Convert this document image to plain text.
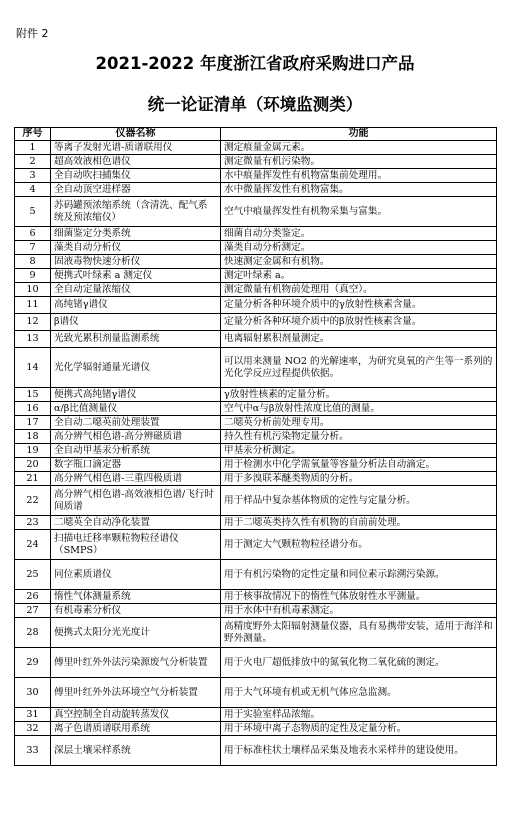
附件 2
2021-2022 年度浙江省政府采购进口产品
统一论证清单（环境监测类）
序号	仪器名称	功能
1	等离子发射光谱-质谱联用仪	测定痕量金属元素。
2	超高效液相色谱仪	测定微量有机污染物。
3	全自动吹扫捕集仪	水中痕量挥发性有机物富集前处理用。
4	全自动顶空进样器	水中微量挥发性有机物富集。
5	苏码罐预浓缩系统（含清洗、配气系统及预浓缩仪）	空气中痕量挥发性有机物采集与富集。
6	细菌鉴定分类系统	细菌自动分类鉴定。
7	藻类自动分析仪	藻类自动分析测定。
8	固液毒物快速分析仪	快速测定金属和有机物。
9	便携式叶绿素 a 测定仪	测定叶绿素 a。
10	全自动定量浓缩仪	测定微量有机物前处理用（真空）。
11	高纯锗γ谱仪	定量分析各种环境介质中的γ放射性核素含量。
12	β谱仪	定量分析各种环境介质中的β放射性核素含量。
13	光致光累积剂量监测系统	电离辐射累积剂量测定。
14	光化学辐射通量光谱仪	可以用来测量 NO2 的光解速率，为研究臭氧的产生等一系列的光化学反应过程提供依据。
15	便携式高纯锗γ谱仪	γ放射性核素的定量分析。
16	α/β比值测量仪	空气中α与β放射性浓度比值的测量。
17	全自动二噁英前处理装置	二噁英分析前处理专用。
18	高分辨气相色谱-高分辨磁质谱	持久性有机污染物定量分析。
19	全自动甲基汞分析系统	甲基汞分析测定。
20	数字瓶口滴定器	用于检测水中化学需氧量等容量分析法自动滴定。
21	高分辨气相色谱-三重四极质谱	用于多溴联苯醚类物质的分析。
22	高分辨气相色谱-高效液相色谱/飞行时间质谱	用于样品中复杂基体物质的定性与定量分析。
23	二噁英全自动净化装置	用于二噁英类持久性有机物的自前前处理。
24	扫描电迁移率颗粒物粒径谱仪（SMPS）	用于测定大气颗粒物粒径谱分布。
25	同位素质谱仪	用于有机污染物的定性定量和同位素示踪溯污染源。
26	惰性气体测量系统	用于核事故情况下的惰性气体放射性水平测量。
27	有机毒素分析仪	用于水体中有机毒素测定。
28	便携式太阳分光光度计	高精度野外太阳辐射测量仪器，具有易携带安装，适用于海洋和野外测量。
29	傅里叶红外外法污染源废气分析装置	用于火电厂超低排放中的氮氧化物二氧化硫的测定。
30	傅里叶红外外法环境空气分析装置	用于大气环境有机或无机气体应急监测。
31	真空控制全自动旋转蒸发仪	用于实验室样品浓缩。
32	离子色谱质谱联用系统	用于环境中离子态物质的定性及定量分析。
33	深层土壤采样系统	用于标准柱状土壤样品采集及地表水采样井的建设使用。
